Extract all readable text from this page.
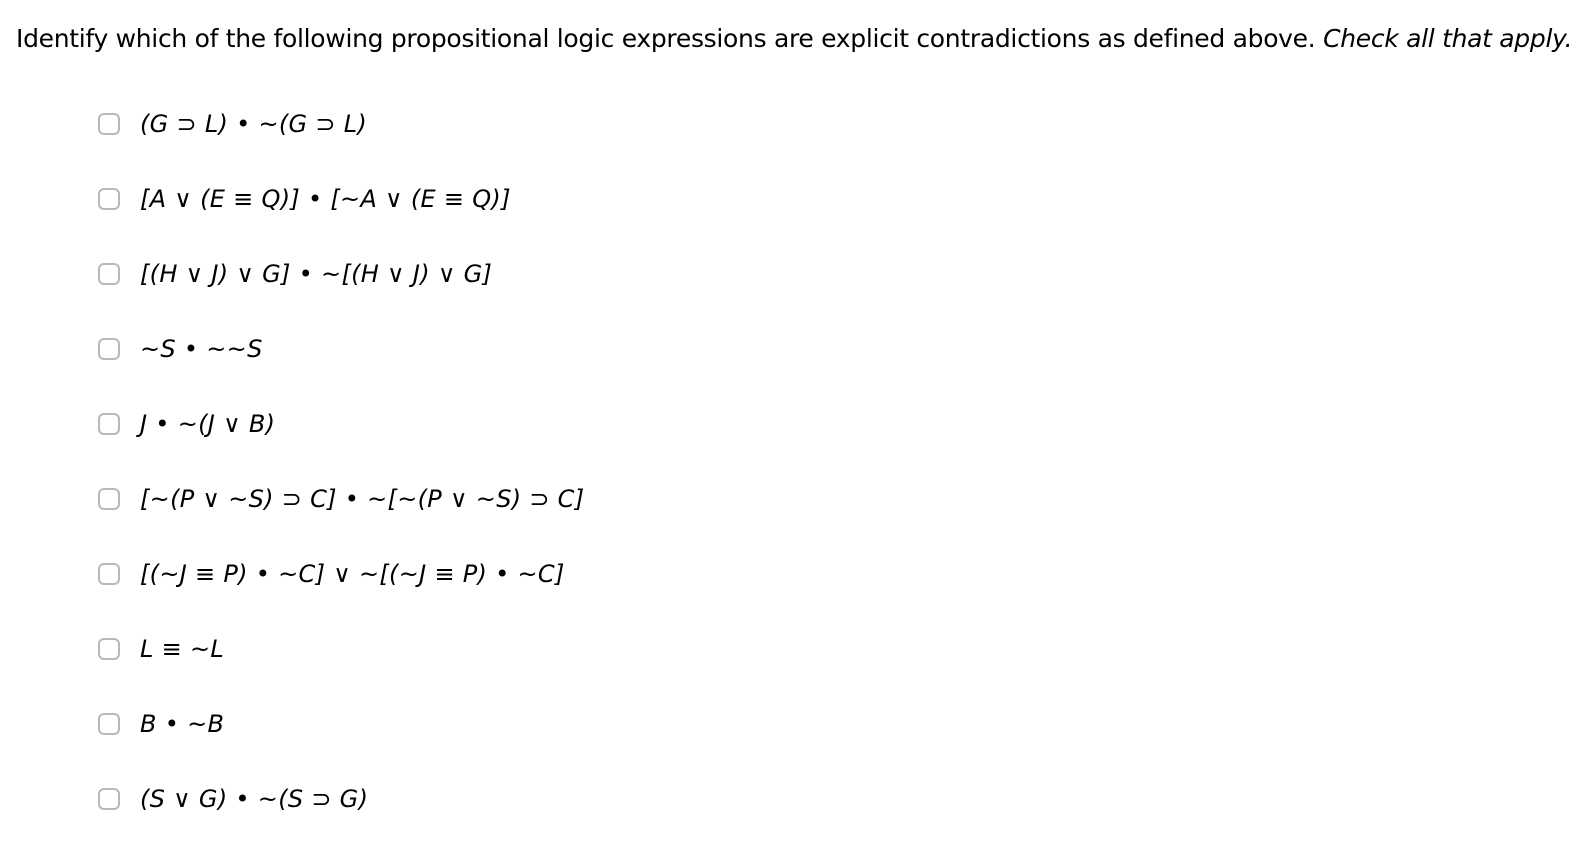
Identify which of the following propositional logic expressions are explicit contradictions as defined above. Check all that apply.
(G ⊃ L) • ~(G ⊃ L)
[A ∨ (E ≡ Q)] • [~A ∨ (E ≡ Q)]
[(H ∨ J) ∨ G] • ~[(H ∨ J) ∨ G]
~S • ~~S
J • ~(J ∨ B)
[~(P ∨ ~S) ⊃ C] • ~[~(P ∨ ~S) ⊃ C]
[(~J ≡ P) • ~C] ∨ ~[(~J ≡ P) • ~C]
L ≡ ~L
B • ~B
(S ∨ G) • ~(S ⊃ G)
